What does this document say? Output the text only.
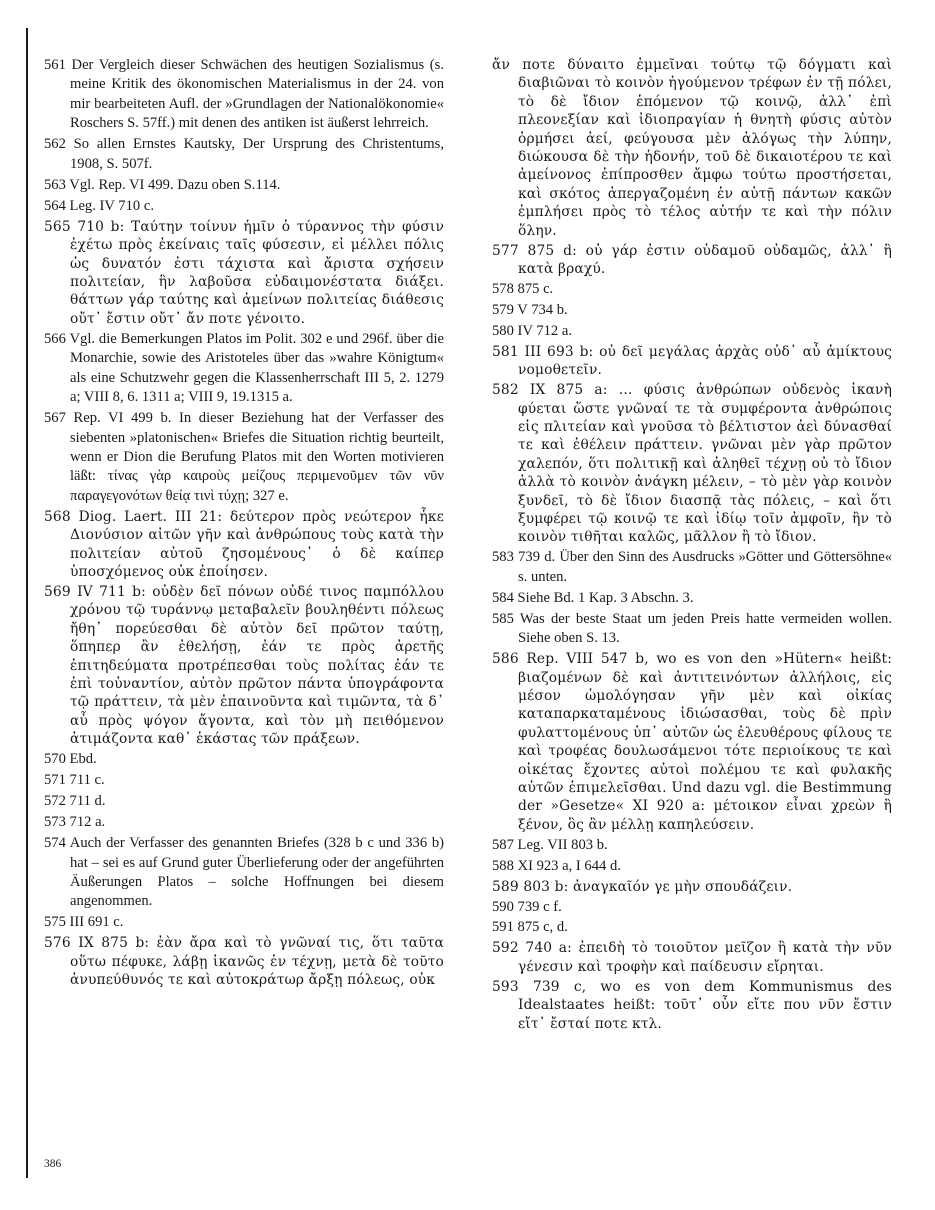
561 Der Vergleich dieser Schwächen des heutigen Sozialismus (s. meine Kritik des ökonomischen Materialismus in der 24. von mir bearbeiteten Aufl. der »Grundlagen der Nationalökonomie« Roschers S. 57ff.) mit denen des antiken ist äußerst lehrreich.

562 So allen Ernstes Kautsky, Der Ursprung des Christentums, 1908, S. 507f.

563 Vgl. Rep. VI 499. Dazu oben S.114.

564 Leg. IV 710 c.

565 710 b: Ταύτην τοίνυν ἡμῖν ὁ τύραννος τὴν φύσιν ἐχέτω πρὸς ἐκείναις ταῖς φύσεσιν, εἰ μέλλει πόλις ὡς δυνατόν ἐστι τάχιστα καὶ ἄριστα σχήσειν πολιτείαν, ἣν λαβοῦσα εὐδαιμονέστατα διάξει. θάττων γάρ ταύτης καὶ ἀμείνων πολιτείας διάθεσις οὔτ᾽ ἔστιν οὔτ᾽ ἄν ποτε γένοιτο.

566 Vgl. die Bemerkungen Platos im Polit. 302 e und 296f. über die Monarchie, sowie des Aristoteles über das »wahre Königtum« als eine Schutzwehr gegen die Klassenherrschaft III 5, 2. 1279 a; VIII 8, 6. 1311 a; VIII 9, 19.1315 a.

567 Rep. VI 499 b. In dieser Beziehung hat der Verfasser des siebenten »platonischen« Briefes die Situation richtig beurteilt, wenn er Dion die Berufung Platos mit den Worten motivieren läßt: τίνας γὰρ καιροὺς μείζους περιμενοῦμεν τῶν νῦν παραγεγονότων θείᾳ τινὶ τύχῃ; 327 e.

568 Diog. Laert. III 21: δεύτερον πρὸς νεώτερον ἧκε Διονύσιον αἰτῶν γῆν καὶ ἀνθρώπους τοὺς κατὰ τὴν πολιτείαν αὐτοῦ ζησομένους᾽ ὁ δὲ καίπερ ὑποσχόμενος οὐκ ἐποίησεν.

569 IV 711 b: οὐδὲν δεῖ πόνων οὐδέ τινος παμπόλλου χρόνου τῷ τυράννῳ μεταβαλεῖν βουληθέντι πόλεως ἤθη᾽ πορεύεσθαι δὲ αὐτὸν δεῖ πρῶτον ταύτῃ, ὅπηπερ ἂν ἐθελήσῃ, ἐάν τε πρὸς ἀρετῆς ἐπιτηδεύματα προτρέπεσθαι τοὺς πολίτας ἐάν τε ἐπὶ τοὐναντίον, αὐτὸν πρῶτον πάντα ὑπογράφοντα τῷ πράττειν, τὰ μὲν ἐπαινοῦντα καὶ τιμῶντα, τὰ δ᾽ αὖ πρὸς ψόγον ἄγοντα, καὶ τὸν μὴ πειθόμενον ἀτιμάζοντα καθ᾽ ἑκάστας τῶν πράξεων.

570 Ebd.

571 711 c.

572 711 d.

573 712 a.

574 Auch der Verfasser des genannten Briefes (328 b c und 336 b) hat – sei es auf Grund guter Überlieferung oder der angeführten Äußerungen Platos – solche Hoffnungen bei diesem angenommen.

575 III 691 c.

576 IX 875 b: ἐὰν ἄρα καὶ τὸ γνῶναί τις, ὅτι ταῦτα οὕτω πέφυκε, λάβῃ ἱκανῶς ἐν τέχνῃ, μετὰ δὲ τοῦτο ἀνυπεύθυνός τε καὶ αὐτοκράτωρ ἄρξῃ πόλεως, οὐκ

ἄν ποτε δύναιτο ἐμμεῖναι τούτῳ τῷ δόγματι καὶ διαβιῶναι τὸ κοινὸν ἡγούμενον τρέφων ἐν τῇ πόλει, τὸ δὲ ἴδιον ἑπόμενον τῷ κοινῷ, ἀλλ᾽ ἐπὶ πλεονεξίαν καὶ ἰδιοπραγίαν ἡ θνητὴ φύσις αὐτὸν ὁρμήσει ἀεί, φεύγουσα μὲν ἀλόγως τὴν λύπην, διώκουσα δὲ τὴν ἡδονήν, τοῦ δὲ δικαιοτέρου τε καὶ ἀμείνονος ἐπίπροσθεν ἄμφω τούτω προστήσεται, καὶ σκότος ἀπεργαζομένη ἐν αὑτῇ πάντων κακῶν ἐμπλήσει πρὸς τὸ τέλος αὑτήν τε καὶ τὴν πόλιν ὅλην.

577 875 d: οὐ γάρ ἐστιν οὐδαμοῦ οὐδαμῶς, ἀλλ᾽ ἢ κατὰ βραχύ.

578 875 c.

579 V 734 b.

580 IV 712 a.

581 III 693 b: οὐ δεῖ μεγάλας ἀρχὰς οὐδ᾽ αὖ ἀμίκτους νομοθετεῖν.

582 IX 875 a: … φύσις ἀνθρώπων οὐδενὸς ἱκανὴ φύεται ὥστε γνῶναί τε τὰ συμφέροντα ἀνθρώποις εἰς πλιτείαν καὶ γνοῦσα τὸ βέλτιστον ἀεὶ δύνασθαί τε καὶ ἐθέλειν πράττειν. γνῶναι μὲν γὰρ πρῶτον χαλεπόν, ὅτι πολιτικῇ καὶ ἀληθεῖ τέχνῃ οὐ τὸ ἴδιον ἀλλὰ τὸ κοινὸν ἀνάγκη μέλειν, – τὸ μὲν γὰρ κοινὸν ξυνδεῖ, τὸ δὲ ἴδιον διασπᾷ τὰς πόλεις, – καὶ ὅτι ξυμφέρει τῷ κοινῷ τε καὶ ἰδίῳ τοῖν ἀμφοῖν, ἢν τὸ κοινὸν τιθῆται καλῶς, μᾶλλον ἢ τὸ ἴδιον.

583 739 d. Über den Sinn des Ausdrucks »Götter und Göttersöhne« s. unten.

584 Siehe Bd. 1 Kap. 3 Abschn. 3.

585 Was der beste Staat um jeden Preis hatte vermeiden wollen. Siehe oben S. 13.

586 Rep. VIII 547 b, wo es von den »Hütern« heißt: βιαζομένων δὲ καὶ ἀντιτεινόντων ἀλλήλοις, εἰς μέσον ὡμολόγησαν γῆν μὲν καὶ οἰκίας καταπαρκαταμένους ἰδιώσασθαι, τοὺς δὲ πρὶν φυλαττομένους ὑπ᾽ αὐτῶν ὡς ἐλευθέρους φίλους τε καὶ τροφέας δουλωσάμενοι τότε περιοίκους τε καὶ οἰκέτας ἔχοντες αὐτοὶ πολέμου τε καὶ φυλακῆς αὐτῶν ἐπιμελεῖσθαι. Und dazu vgl. die Bestimmung der »Gesetze« XI 920 a: μέτοικον εἶναι χρεὼν ἢ ξένον, ὃς ἂν μέλλῃ καπηλεύσειν.

587 Leg. VII 803 b.

588 XI 923 a, I 644 d.

589 803 b: ἀναγκαῖόν γε μὴν σπουδάζειν.

590 739 c f.

591 875 c, d.

592 740 a: ἐπειδὴ τὸ τοιοῦτον μεῖζον ἢ κατὰ τὴν νῦν γένεσιν καὶ τροφὴν καὶ παίδευσιν εἴρηται.

593 739 c, wo es von dem Kommunismus des Idealstaates heißt: τοῦτ᾽ οὖν εἴτε που νῦν ἔστιν εἴτ᾽ ἔσταί ποτε κτλ.

386
